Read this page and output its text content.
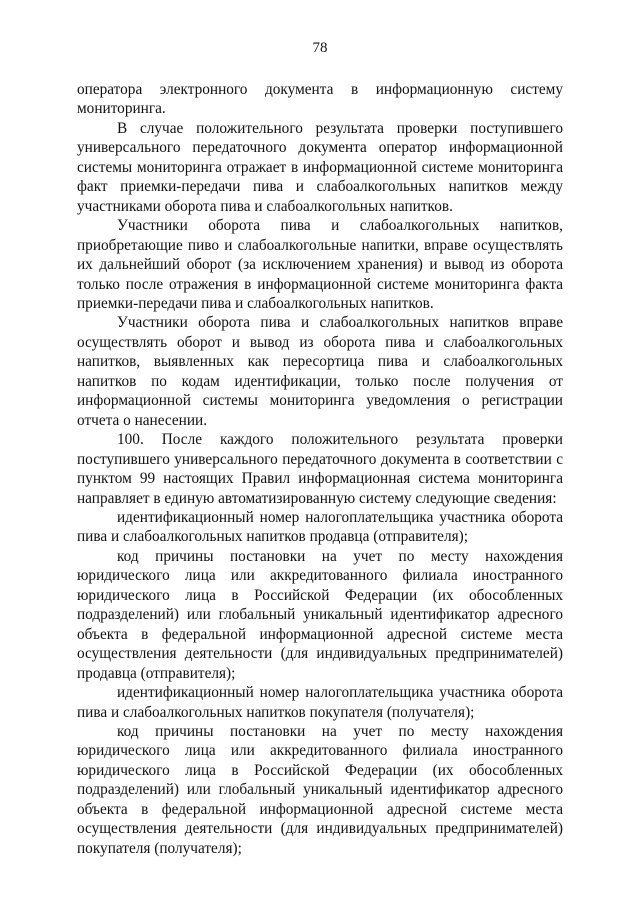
78

оператора электронного документа в информационную систему мониторинга.

В случае положительного результата проверки поступившего универсального передаточного документа оператор информационной системы мониторинга отражает в информационной системе мониторинга факт приемки-передачи пива и слабоалкогольных напитков между участниками оборота пива и слабоалкогольных напитков.

Участники оборота пива и слабоалкогольных напитков, приобретающие пиво и слабоалкогольные напитки, вправе осуществлять их дальнейший оборот (за исключением хранения) и вывод из оборота только после отражения в информационной системе мониторинга факта приемки-передачи пива и слабоалкогольных напитков.

Участники оборота пива и слабоалкогольных напитков вправе осуществлять оборот и вывод из оборота пива и слабоалкогольных напитков, выявленных как пересортица пива и слабоалкогольных напитков по кодам идентификации, только после получения от информационной системы мониторинга уведомления о регистрации отчета о нанесении.

100. После каждого положительного результата проверки поступившего универсального передаточного документа в соответствии с пунктом 99 настоящих Правил информационная система мониторинга направляет в единую автоматизированную систему следующие сведения:

идентификационный номер налогоплательщика участника оборота пива и слабоалкогольных напитков продавца (отправителя);

код причины постановки на учет по месту нахождения юридического лица или аккредитованного филиала иностранного юридического лица в Российской Федерации (их обособленных подразделений) или глобальный уникальный идентификатор адресного объекта в федеральной информационной адресной системе места осуществления деятельности (для индивидуальных предпринимателей) продавца (отправителя);

идентификационный номер налогоплательщика участника оборота пива и слабоалкогольных напитков покупателя (получателя);

код причины постановки на учет по месту нахождения юридического лица или аккредитованного филиала иностранного юридического лица в Российской Федерации (их обособленных подразделений) или глобальный уникальный идентификатор адресного объекта в федеральной информационной адресной системе места осуществления деятельности (для индивидуальных предпринимателей) покупателя (получателя);
